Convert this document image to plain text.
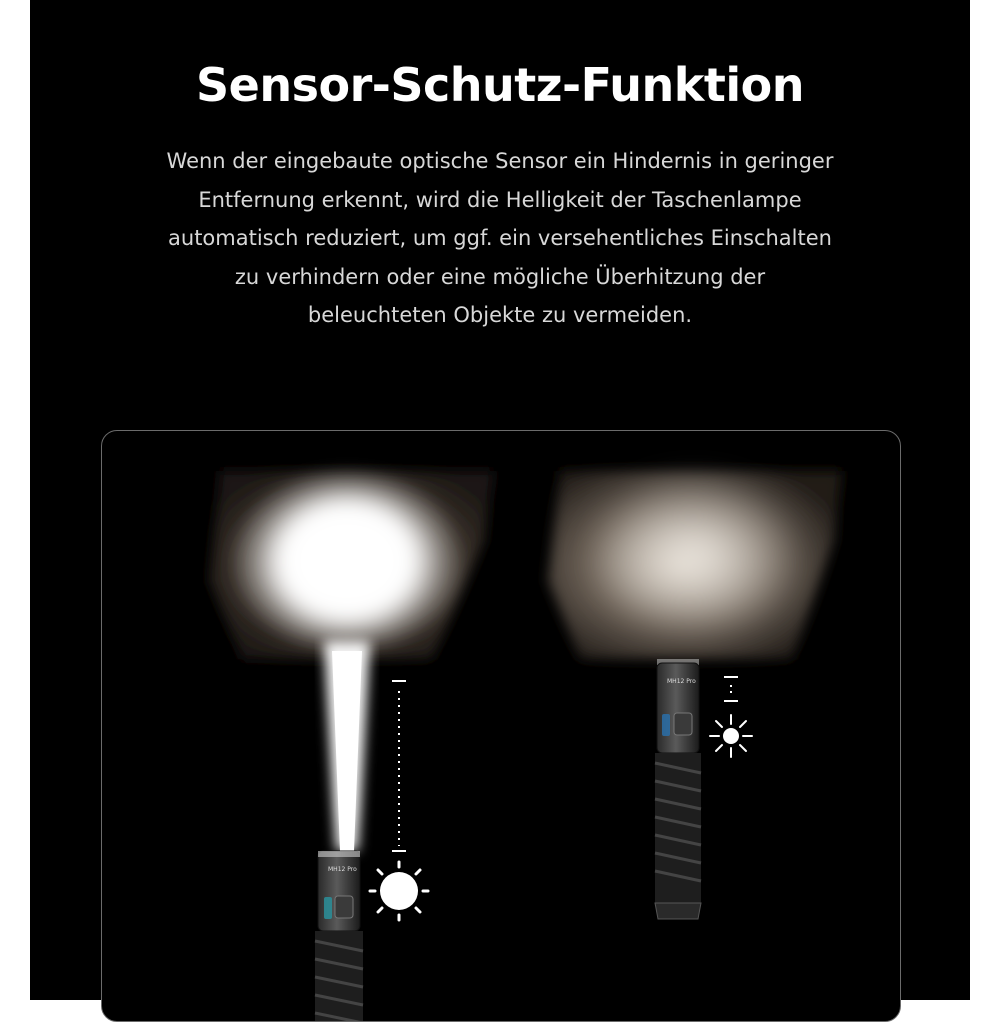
Sensor-Schutz-Funktion
Wenn der eingebaute optische Sensor ein Hindernis in geringer
Entfernung erkennt, wird die Helligkeit der Taschenlampe
automatisch reduziert, um ggf. ein versehentliches Einschalten
zu verhindern oder eine mögliche Überhitzung der
beleuchteten Objekte zu vermeiden.
MH12 Pro
MH12 Pro
